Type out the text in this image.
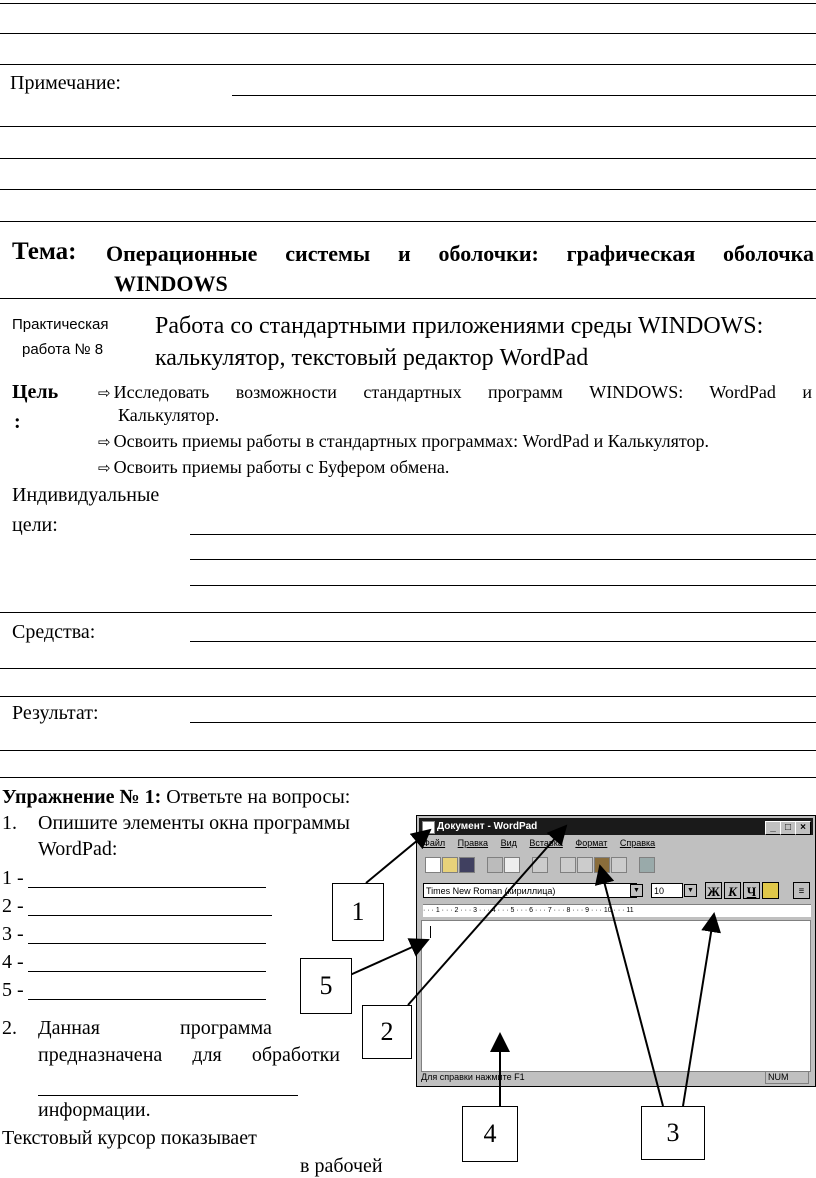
Примечание:
Тема: Операционные системы и оболочки: графическая оболочка
WINDOWS
Практическая
работа № 8
Работа со стандартными приложениями среды WINDOWS:
калькулятор, текстовый редактор WordPad
Цель
:
⇨ Исследовать возможности стандартных программ WINDOWS: WordPad и
Калькулятор.
⇨ Освоить приемы работы в стандартных программах: WordPad и Калькулятор.
⇨ Освоить приемы работы с Буфером обмена.
Индивидуальные
цели:
Средства:
Результат:
Упражнение № 1: Ответьте на вопросы:
1. Опишите элементы окна программы
WordPad:
1 -
2 -
3 -
4 -
5 -
2. Данная	программа
предназначена для обработки
информации.
Текстовый курсор показывает
в рабочей
Документ - WordPad	_ □ ×
Файл Правка Вид Вставка Формат Справка
Times New Roman (кириллица)	▼	10	▼ Ж К Ч	≡
· · · 1 · · · 2 · · · 3 · · · 4 · · · 5 · · · 6 · · · 7 · · · 8 · · · 9 · · · 10 · · · 11
Для справки нажмите F1	NUM
1
2
3
4
5
